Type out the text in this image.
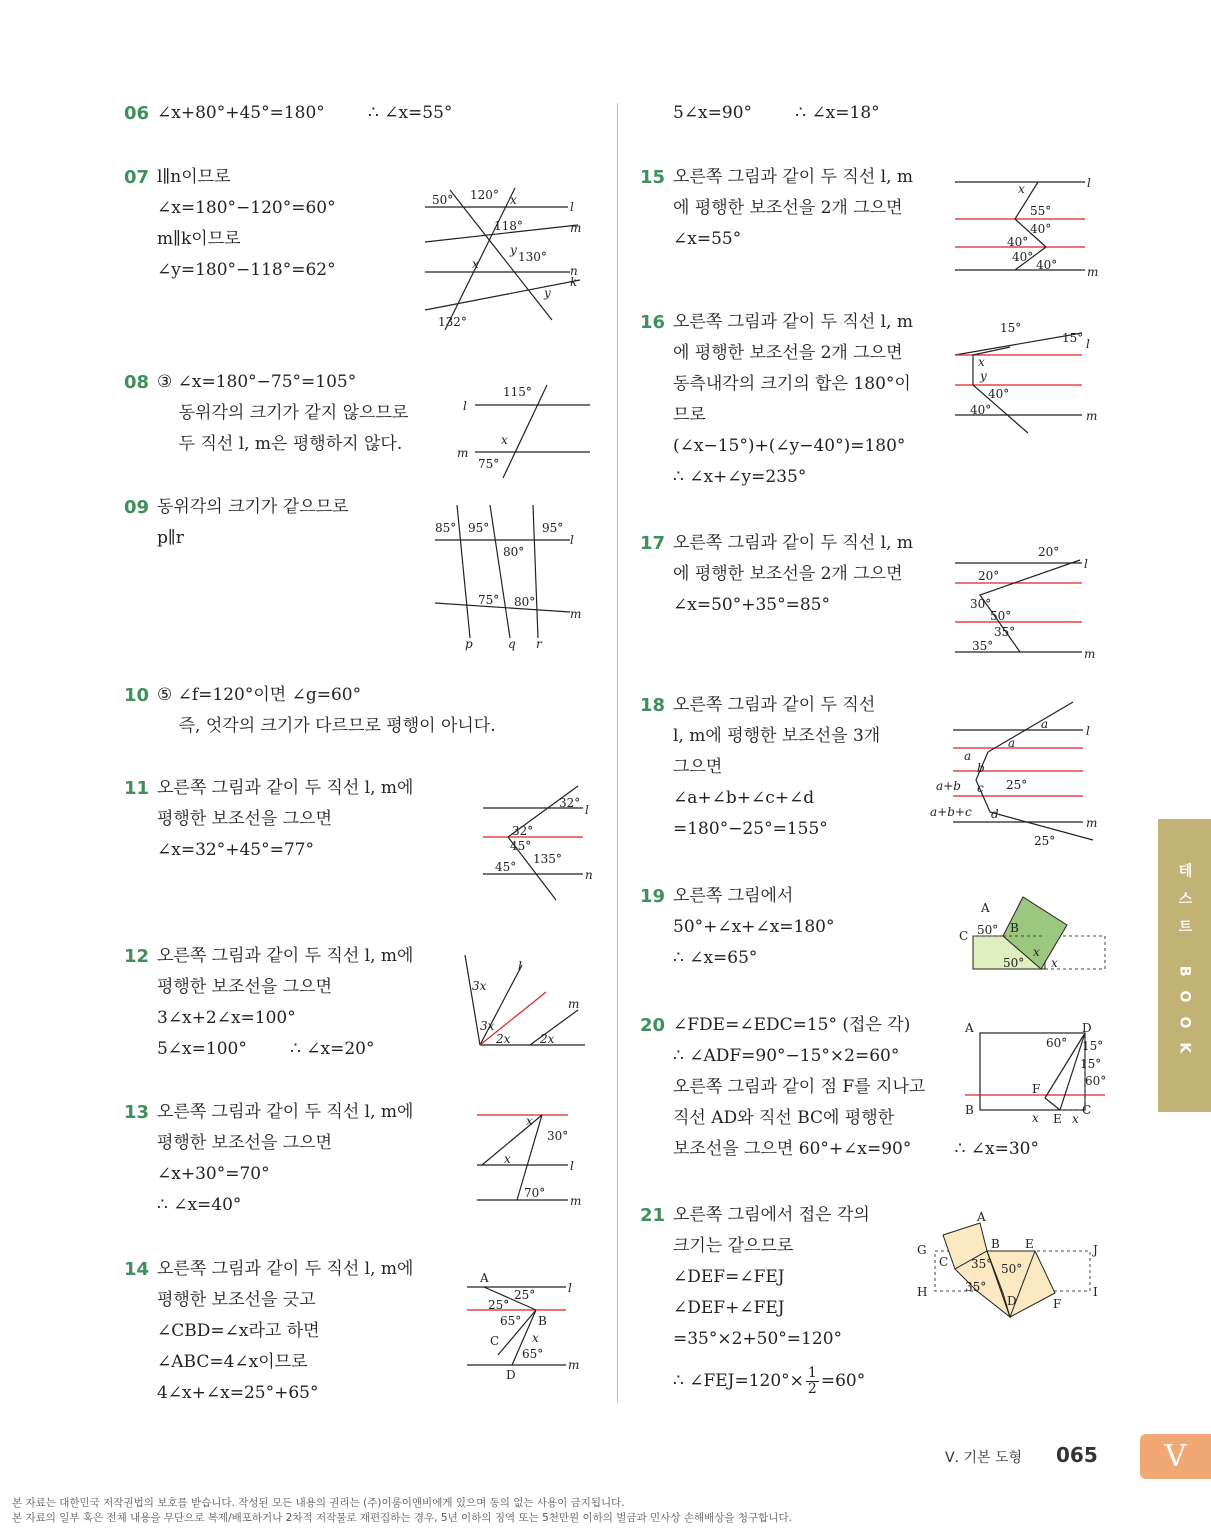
06 ∠x+80°+45°=180°        ∴ ∠x=55°
07 l∥n이므로
∠x=180°−120°=60°
m∥k이므로
∠y=180°−118°=62°
08 ③ ∠x=180°−75°=105°
동위각의 크기가 같지 않으므로
두 직선 l, m은 평행하지 않다.
09 동위각의 크기가 같으므로
p∥r
10 ⑤ ∠f=120°이면 ∠g=60°
즉, 엇각의 크기가 다르므로 평행이 아니다.
11 오른쪽 그림과 같이 두 직선 l, m에
평행한 보조선을 그으면
∠x=32°+45°=77°
12 오른쪽 그림과 같이 두 직선 l, m에
평행한 보조선을 그으면
3∠x+2∠x=100°
5∠x=100°        ∴ ∠x=20°
13 오른쪽 그림과 같이 두 직선 l, m에
평행한 보조선을 그으면
∠x+30°=70°
∴ ∠x=40°
14 오른쪽 그림과 같이 두 직선 l, m에
평행한 보조선을 긋고
∠CBD=∠x라고 하면
∠ABC=4∠x이므로
4∠x+∠x=25°+65°
5∠x=90°        ∴ ∠x=18°
15 오른쪽 그림과 같이 두 직선 l, m
에 평행한 보조선을 2개 그으면
∠x=55°
16 오른쪽 그림과 같이 두 직선 l, m
에 평행한 보조선을 2개 그으면
동측내각의 크기의 합은 180°이
므로
(∠x−15°)+(∠y−40°)=180°
∴ ∠x+∠y=235°
17 오른쪽 그림과 같이 두 직선 l, m
에 평행한 보조선을 2개 그으면
∠x=50°+35°=85°
18 오른쪽 그림과 같이 두 직선
l, m에 평행한 보조선을 3개
그으면
∠a+∠b+∠c+∠d
=180°−25°=155°
19 오른쪽 그림에서
50°+∠x+∠x=180°
∴ ∠x=65°
20 ∠FDE=∠EDC=15° (접은 각)
∴ ∠ADF=90°−15°×2=60°
오른쪽 그림과 같이 점 F를 지나고
직선 AD와 직선 BC에 평행한
보조선을 그으면 60°+∠x=90°        ∴ ∠x=30°
21 오른쪽 그림에서 접은 각의
크기는 같으므로
∠DEF=∠FEJ
∠DEF+∠FEJ
=35°×2+50°=120°
∴ ∠FEJ=120°× $\frac{1}{2} =60^\circ$
50° 120° x
118°
y 130°
x
y
132°
l
m
n
k
l
m
115°
x
75°
85° 95°	95°
80°
75° 80°
l
m
p	q r
32°
32°
45°
45°
135°
l
n
3x
3x
2x 2x
l
m
x
30°
x
70°
l
m
A
25°
25°
B
65°
C	x
65°
D
l
m
x
55°
40°
40°
40°
40°
l
m
15°
15°
x
y
40°
40°
l
m
20°
20°
30°
50°
35°
35°
l
m
a
a
a
b
a+b c 25°
a+b+c d
25°
l
m
A
B
C 50°
50°
x
x
A	D
60° 15°
15°
60°
F
B
x E x
C
A
B E
G
C 35° 50°
35°
H
D	F
J
I
테스트 BOOK
Ⅴ. 기본 도형 065	V
본 자료는 대한민국 저작권법의 보호를 받습니다. 작성된 모든 내용의 권리는 (주)이룸이앤비에게 있으며 동의 없는 사용이 금지됩니다.
본 자료의 일부 혹은 전체 내용을 무단으로 복제/배포하거나 2차적 저작물로 재편집하는 경우, 5년 이하의 징역 또는 5천만원 이하의 벌금과 민사상 손해배상을 청구합니다.
